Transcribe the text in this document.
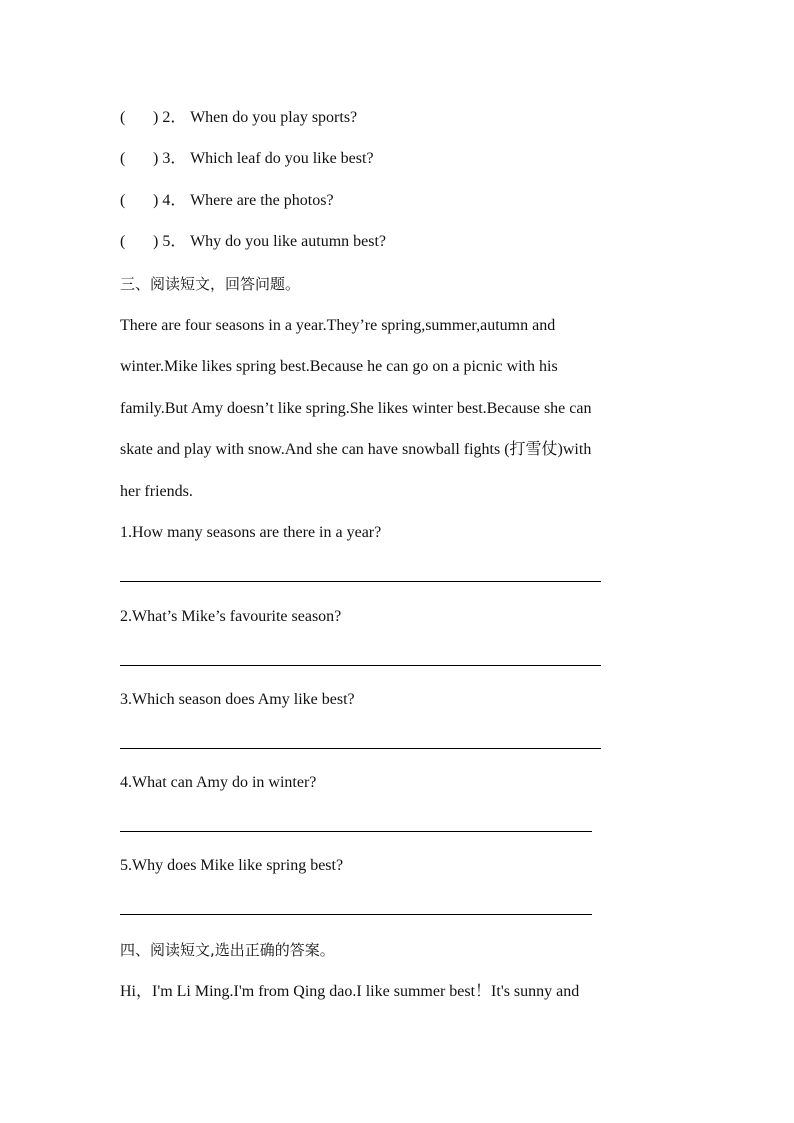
( ) 2． When do you play sports?
( ) 3． Which leaf do you like best?
( ) 4． Where are the photos?
( ) 5． Why do you like autumn best?
三、阅读短文，回答问题。
There are four seasons in a year.They’re spring,summer,autumn and
winter.Mike likes spring best.Because he can go on a picnic with his
family.But Amy doesn’t like spring.She likes winter best.Because she can
skate and play with snow.And she can have snowball fights (打雪仗)with
her friends.
1.How many seasons are there in a year?
2.What’s Mike’s favourite season?
3.Which season does Amy like best?
4.What can Amy do in winter?
5.Why does Mike like spring best?
四、阅读短文,选出正确的答案。
Hi，I'm Li Ming.I'm from Qing dao.I like summer best！It's sunny and
